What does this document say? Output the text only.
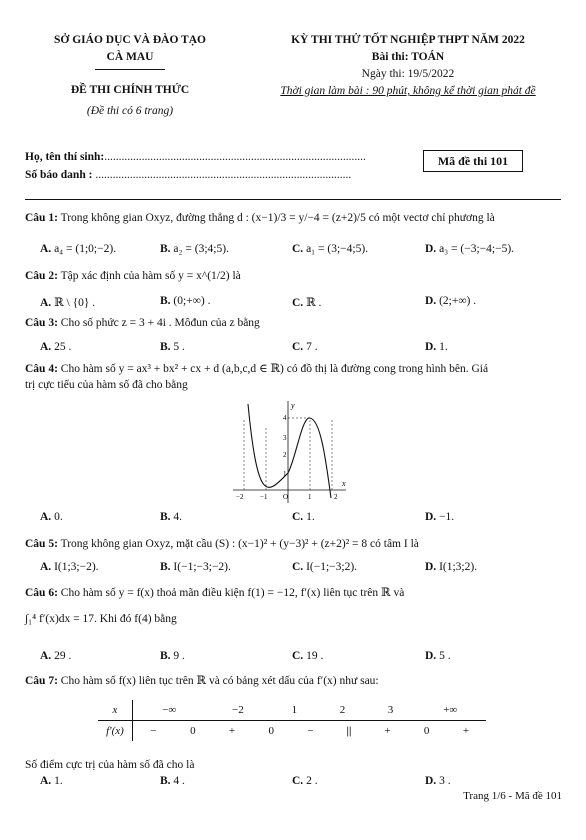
SỞ GIÁO DỤC VÀ ĐÀO TẠO
CÀ MAU
ĐỀ THI CHÍNH THỨC
(Đề thi có 6 trang)
KỲ THI THỬ TỐT NGHIỆP THPT NĂM 2022
Bài thi: TOÁN
Ngày thi: 19/5/2022
Thời gian làm bài : 90 phút, không kể thời gian phát đề
Họ, tên thí sinh:...........................................................................................
Số báo danh : .........................................................................................
Mã đề thi 101
Câu 1: Trong không gian Oxyz, đường thẳng d : (x−1)/3 = y/−4 = (z+2)/5 có một vectơ chỉ phương là
A. a₄ = (1;0;−2).	B. a₂ = (3;4;5).	C. a₁ = (3;−4;5).	D. a₃ = (−3;−4;−5).
Câu 2: Tập xác định của hàm số y = x^(1/2) là
A. ℝ \ {0} .	B. (0;+∞) .	C. ℝ .	D. (2;+∞) .
Câu 3: Cho số phức z = 3 + 4i . Môđun của z bằng
A. 25 .	B. 5 .	C. 7 .	D. 1.
Câu 4: Cho hàm số y = ax³ + bx² + cx + d (a,b,c,d ∈ ℝ) có đồ thị là đường cong trong hình bên. Giá
trị cực tiểu của hàm số đã cho bằng
x
y
−2 −1 O	1	2
1
2
3
4
A. 0.	B. 4.	C. 1.	D. −1.
Câu 5: Trong không gian Oxyz, mặt cầu (S) : (x−1)² + (y−3)² + (z+2)² = 8 có tâm I là
A. I(1;3;−2).	B. I(−1;−3;−2).	C. I(−1;−3;2).	D. I(1;3;2).
Câu 6: Cho hàm số y = f(x) thoả mãn điều kiện f(1) = −12, f′(x) liên tục trên ℝ và
∫₁⁴ f′(x)dx = 17. Khi đó f(4) bằng
A. 29 .	B. 9 .	C. 19 .	D. 5 .
Câu 7: Cho hàm số f(x) liên tục trên ℝ và có bảng xét dấu của f′(x) như sau:
x	−∞	−2	1	2	3	+∞
f′(x)	−	0	+	0	−	||	+	0	+
Số điểm cực trị của hàm số đã cho là
A. 1.	B. 4 .	C. 2 .	D. 3 .
Trang 1/6 - Mã đề 101
